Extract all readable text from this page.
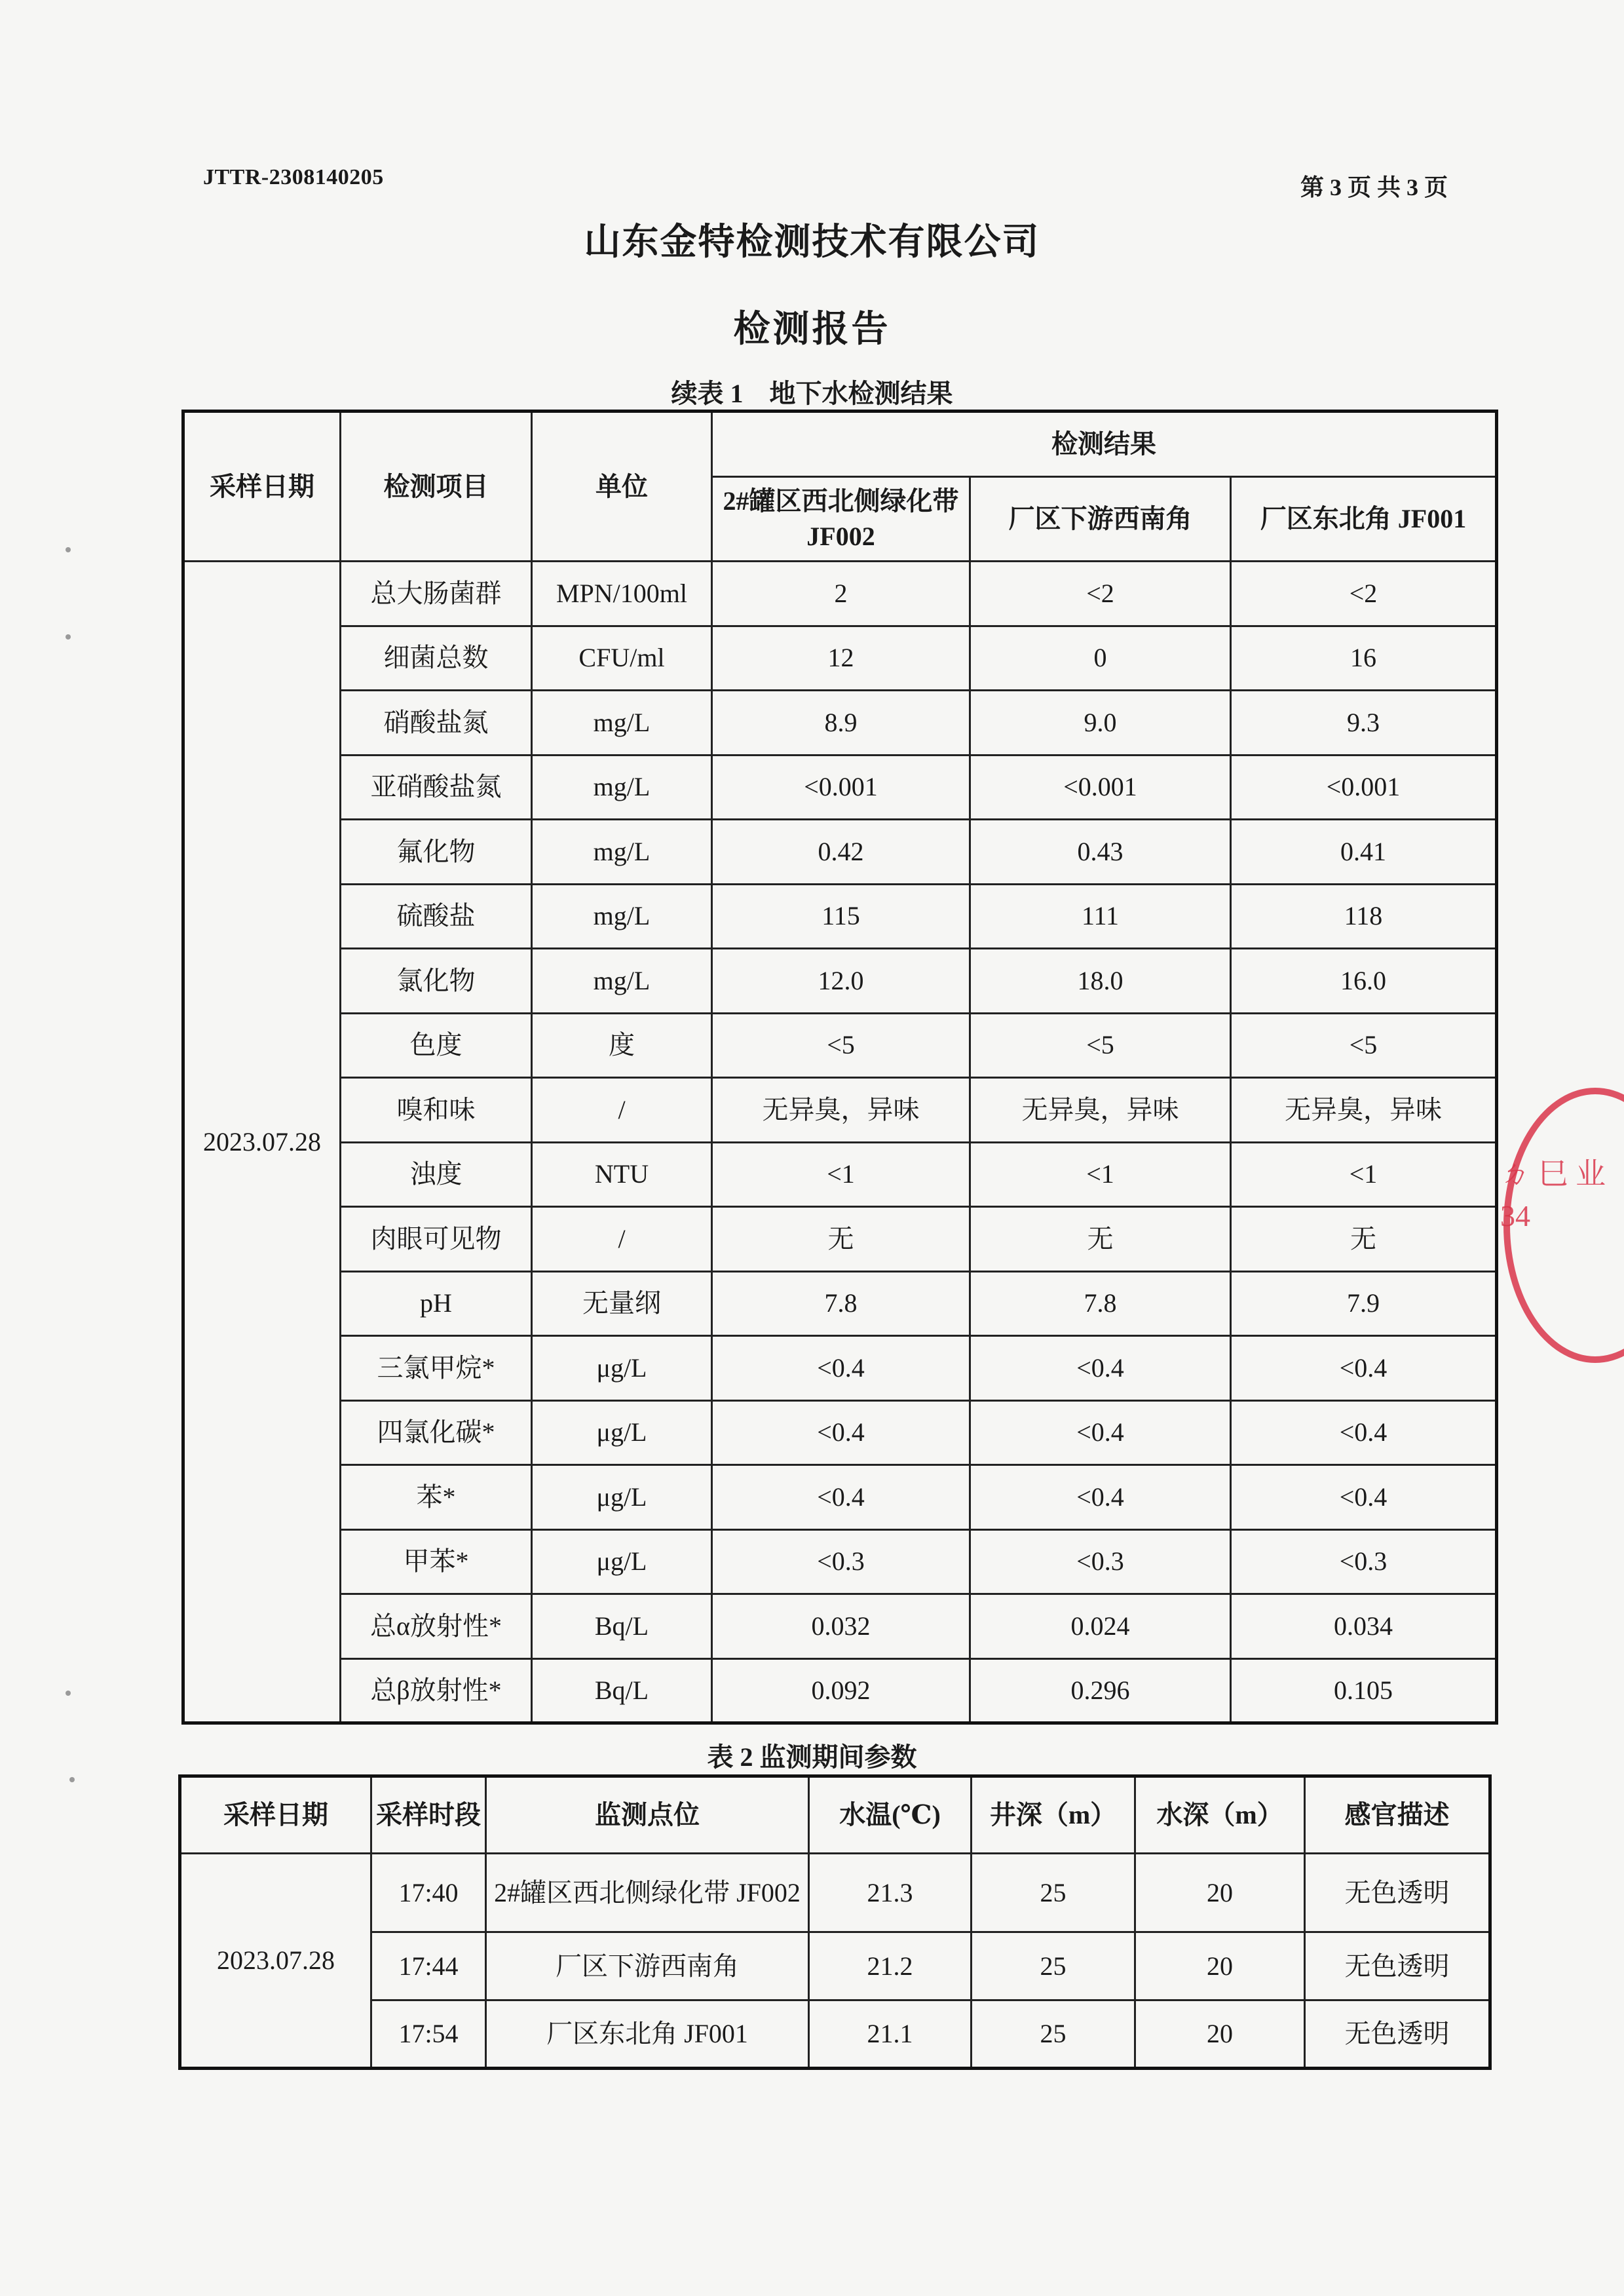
JTTR-2308140205	第 3 页 共 3 页
山东金特检测技术有限公司
检测报告
续表 1　地下水检测结果
采样日期	检测项目	单位	检测结果		
			2#罐区西北侧绿化带 JF002	厂区下游西南角	厂区东北角 JF001
2023.07.28	总大肠菌群	MPN/100ml	2	<2	<2
	细菌总数	CFU/ml	12	0	16
	硝酸盐氮	mg/L	8.9	9.0	9.3
	亚硝酸盐氮	mg/L	<0.001	<0.001	<0.001
	氟化物	mg/L	0.42	0.43	0.41
	硫酸盐	mg/L	115	111	118
	氯化物	mg/L	12.0	18.0	16.0
	色度	度	<5	<5	<5
	嗅和味	/	无异臭，异味	无异臭，异味	无异臭，异味
	浊度	NTU	<1	<1	<1
	肉眼可见物	/	无	无	无
	pH	无量纲	7.8	7.8	7.9
	三氯甲烷*	μg/L	<0.4	<0.4	<0.4
	四氯化碳*	μg/L	<0.4	<0.4	<0.4
	苯*	μg/L	<0.4	<0.4	<0.4
	甲苯*	μg/L	<0.3	<0.3	<0.3
	总α放射性*	Bq/L	0.032	0.024	0.034
	总β放射性*	Bq/L	0.092	0.296	0.105
表 2 监测期间参数
采样日期	采样时段	监测点位	水温(℃)	井深（m）	水深（m）	感官描述
2023.07.28	17:40	2#罐区西北侧绿化带 JF002	21.3	25	20	无色透明
	17:44	厂区下游西南角	21.2	25	20	无色透明
	17:54	厂区东北角 JF001	21.1	25	20	无色透明
ㄉ 巳 业 34
